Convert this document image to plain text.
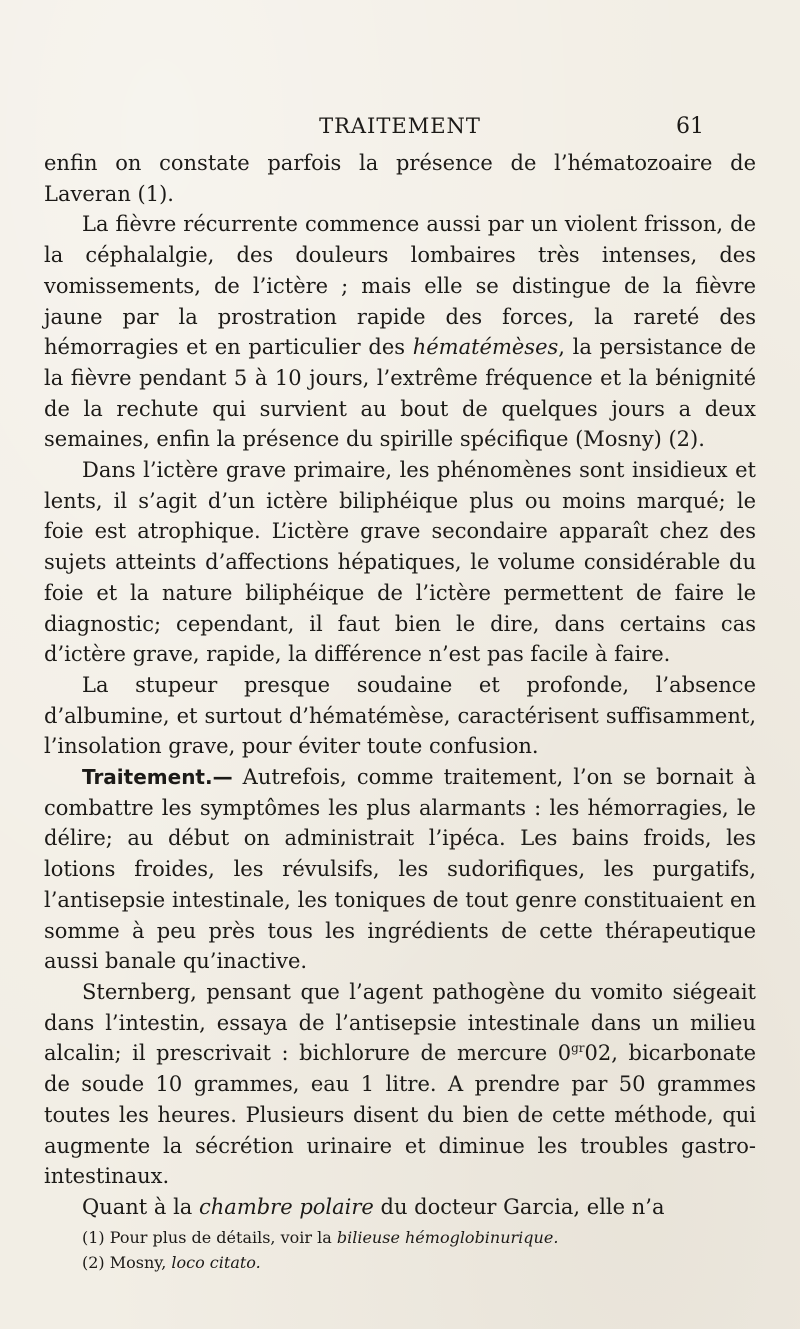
TRAITEMENT	61

enfin on constate parfois la présence de l’hématozoaire de Laveran (1).

La fièvre récurrente commence aussi par un violent frisson, de la céphalalgie, des douleurs lombaires très intenses, des vomissements, de l’ictère ; mais elle se distingue de la fièvre jaune par la prostration rapide des forces, la rareté des hémorragies et en particulier des hématémèses, la persistance de la fièvre pendant 5 à 10 jours, l’extrême fréquence et la bénignité de la rechute qui survient au bout de quelques jours a deux semaines, enfin la présence du spirille spécifique (Mosny) (2).

Dans l’ictère grave primaire, les phénomènes sont insidieux et lents, il s’agit d’un ictère biliphéique plus ou moins marqué; le foie est atrophique. L’ictère grave secondaire apparaît chez des sujets atteints d’affections hépatiques, le volume considérable du foie et la nature biliphéique de l’ictère permettent de faire le diagnostic; cependant, il faut bien le dire, dans certains cas d’ictère grave, rapide, la différence n’est pas facile à faire.

La stupeur presque soudaine et profonde, l’absence d’albumine, et surtout d’hématémèse, caractérisent suffisamment, l’insolation grave, pour éviter toute confusion.

Traitement.— Autrefois, comme traitement, l’on se bornait à combattre les symptômes les plus alarmants : les hémorragies, le délire; au début on administrait l’ipéca. Les bains froids, les lotions froides, les révulsifs, les sudorifiques, les purgatifs, l’antisepsie intestinale, les toniques de tout genre constituaient en somme à peu près tous les ingrédients de cette thérapeutique aussi banale qu’inactive.

Sternberg, pensant que l’agent pathogène du vomito siégeait dans l’intestin, essaya de l’antisepsie intestinale dans un milieu alcalin; il prescrivait : bichlorure de mercure $0^{gr}02$, bicarbonate de soude 10 grammes, eau 1 litre. A prendre par 50 grammes toutes les heures. Plusieurs disent du bien de cette méthode, qui augmente la sécrétion urinaire et diminue les troubles gastro-intestinaux.

Quant à la chambre polaire du docteur Garcia, elle n’a

(1) Pour plus de détails, voir la bilieuse hémoglobinurique.

(2) Mosny, loco citato.
